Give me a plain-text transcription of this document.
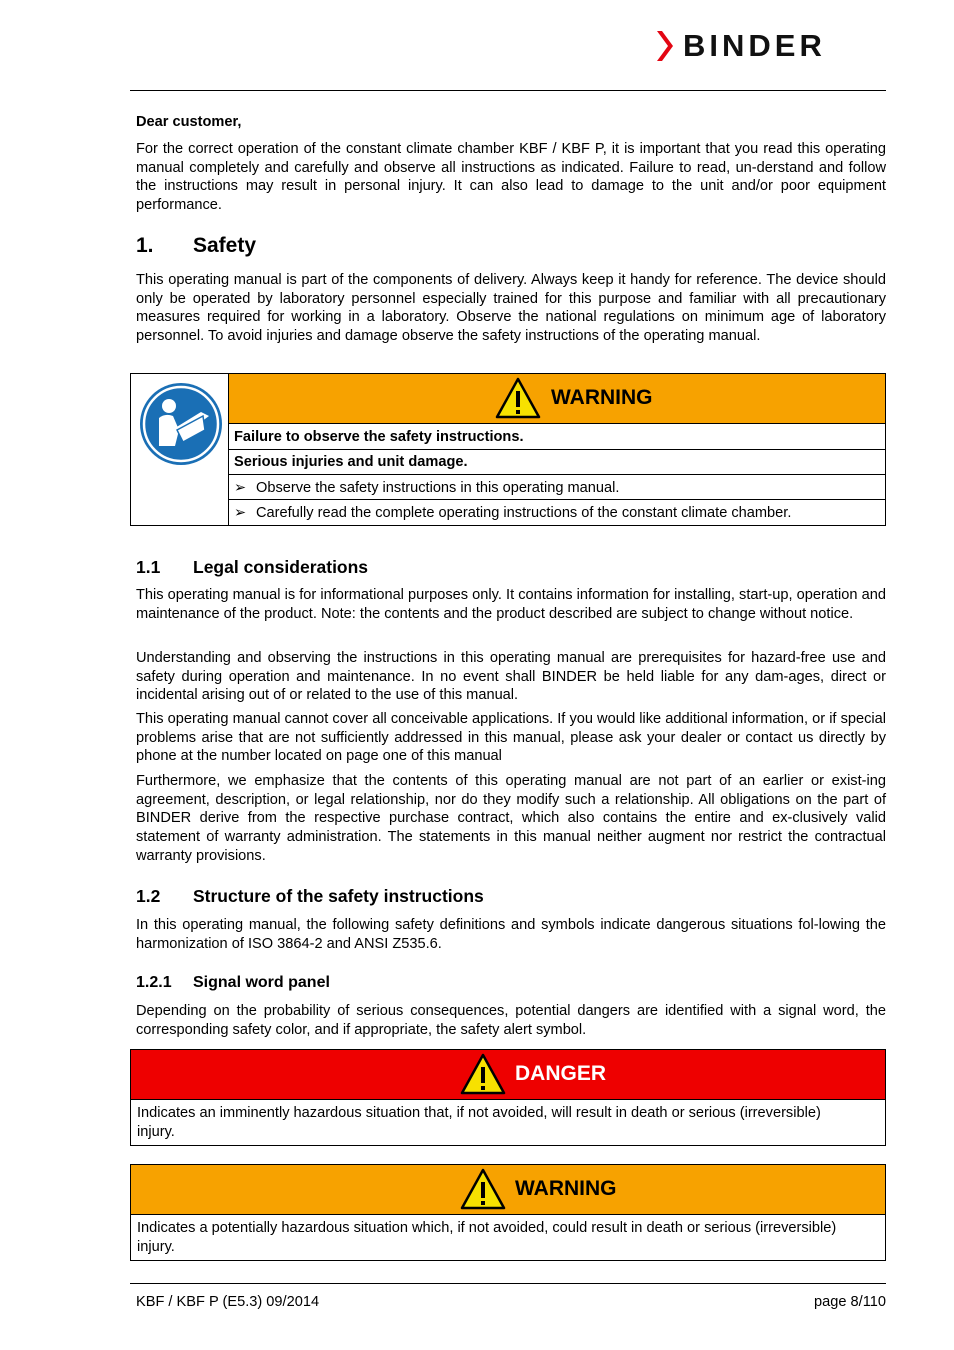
BINDER

Dear customer,

For the correct operation of the constant climate chamber KBF / KBF P, it is important that you read this operating manual completely and carefully and observe all instructions as indicated. Failure to read, un-derstand and follow the instructions may result in personal injury. It can also lead to damage to the unit and/or poor equipment performance.

1. Safety

This operating manual is part of the components of delivery. Always keep it handy for reference. The device should only be operated by laboratory personnel especially trained for this purpose and familiar with all precautionary measures required for working in a laboratory. Observe the national regulations on minimum age of laboratory personnel. To avoid injuries and damage observe the safety instructions of the operating manual.

WARNING
Failure to observe the safety instructions.
Serious injuries and unit damage.
➢ Observe the safety instructions in this operating manual.
➢ Carefully read the complete operating instructions of the constant climate chamber.
1.1 Legal considerations

This operating manual is for informational purposes only. It contains information for installing, start-up, operation and maintenance of the product. Note: the contents and the product described are subject to change without notice.

Understanding and observing the instructions in this operating manual are prerequisites for hazard-free use and safety during operation and maintenance. In no event shall BINDER be held liable for any dam-ages, direct or incidental arising out of or related to the use of this manual.

This operating manual cannot cover all conceivable applications. If you would like additional information, or if special problems arise that are not sufficiently addressed in this manual, please ask your dealer or contact us directly by phone at the number located on page one of this manual

Furthermore, we emphasize that the contents of this operating manual are not part of an earlier or exist-ing agreement, description, or legal relationship, nor do they modify such a relationship. All obligations on the part of BINDER derive from the respective purchase contract, which also contains the entire and ex-clusively valid statement of warranty administration. The statements in this manual neither augment nor restrict the contractual warranty provisions.

1.2 Structure of the safety instructions

In this operating manual, the following safety definitions and symbols indicate dangerous situations fol-lowing the harmonization of ISO 3864-2 and ANSI Z535.6.

1.2.1 Signal word panel

Depending on the probability of serious consequences, potential dangers are identified with a signal word, the corresponding safety color, and if appropriate, the safety alert symbol.

DANGER
Indicates an imminently hazardous situation that, if not avoided, will result in death or serious (irreversible) injury.
WARNING
Indicates a potentially hazardous situation which, if not avoided, could result in death or serious (irreversible) injury.
KBF / KBF P (E5.3) 09/2014	page 8/110
